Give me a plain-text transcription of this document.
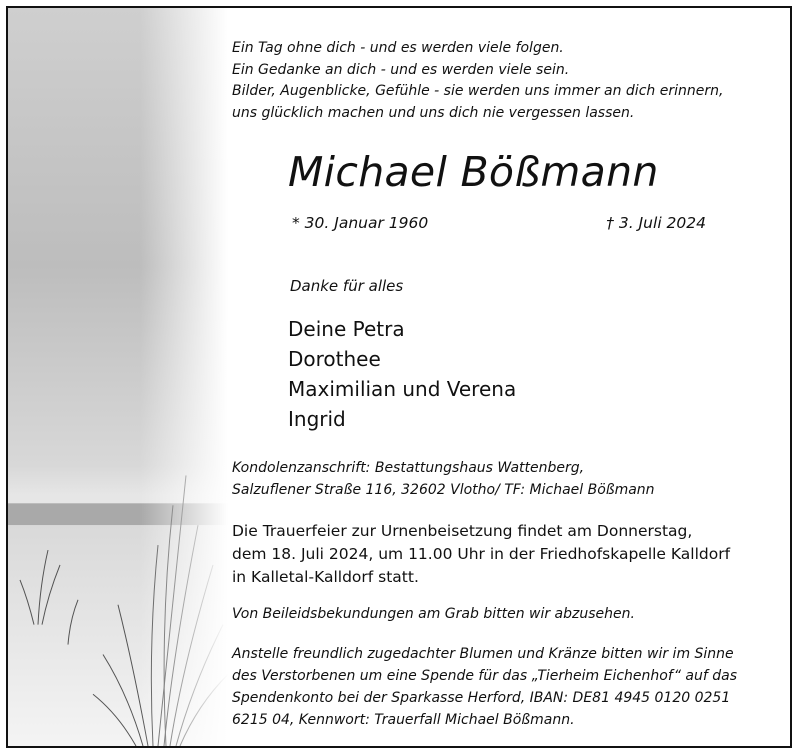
Ein Tag ohne dich - und es werden viele folgen.
Ein Gedanke an dich - und es werden viele sein.
Bilder, Augenblicke, Gefühle - sie werden uns immer an dich erinnern,
uns glücklich machen und uns dich nie vergessen lassen.
Michael Bößmann
* 30. Januar 1960	† 3. Juli 2024
Danke für alles
Deine Petra
Dorothee
Maximilian und Verena
Ingrid
Kondolenzanschrift: Bestattungshaus Wattenberg,
Salzuflener Straße 116, 32602 Vlotho/ TF: Michael Bößmann
Die Trauerfeier zur Urnenbeisetzung findet am Donnerstag,
dem 18. Juli 2024, um 11.00 Uhr in der Friedhofskapelle Kalldorf
in Kalletal-Kalldorf statt.
Von Beileidsbekundungen am Grab bitten wir abzusehen.
Anstelle freundlich zugedachter Blumen und Kränze bitten wir im Sinne
des Verstorbenen um eine Spende für das „Tierheim Eichenhof“ auf das
Spendenkonto bei der Sparkasse Herford, IBAN: DE81 4945 0120 0251
6215 04, Kennwort: Trauerfall Michael Bößmann.
